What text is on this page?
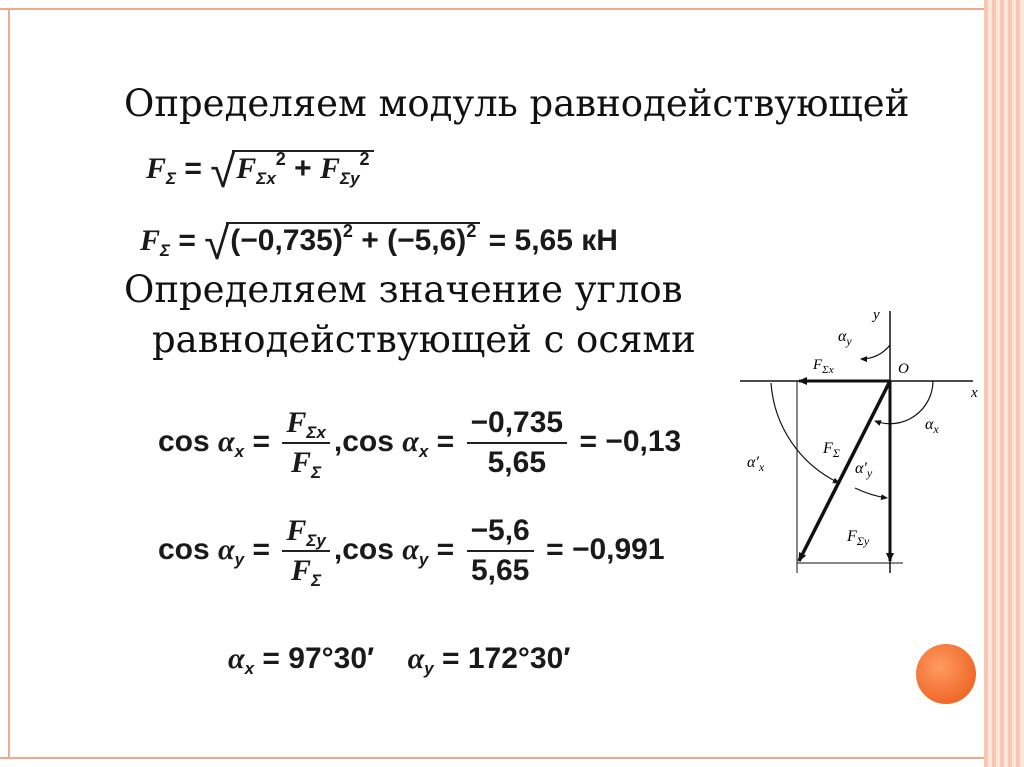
Определяем модуль равнодействующей
Определяем значение углов
равнодействующей с осями
$F_\Sigma$ = √ $F_{\Sigma x}^2 + F_{\Sigma y}^2$
$F_\Sigma$ = √ $(-0,735)^2 + (-5,6)^2 = 5,65$ кН
$\cos \alpha_x = \frac{F_{\Sigma x}}{F_\Sigma} ,\cos$ $\alpha_x = \frac{-0,735}{5,65} = -0,13$
$\cos \alpha_y = \frac{F_{\Sigma y}}{F_\Sigma} ,\cos$ $\alpha_y = \frac{-5,6}{5,65} = -0,991$
$\alpha_x = 97^\circ 30'$ $\alpha_y = 172^\circ 30'$
y
x
O
$\alpha_y$
$F_{\Sigma x}$
$\alpha_x$
$\alpha'_x$
$F_\Sigma$
$\alpha'_y$
$F_{\Sigma y}$
